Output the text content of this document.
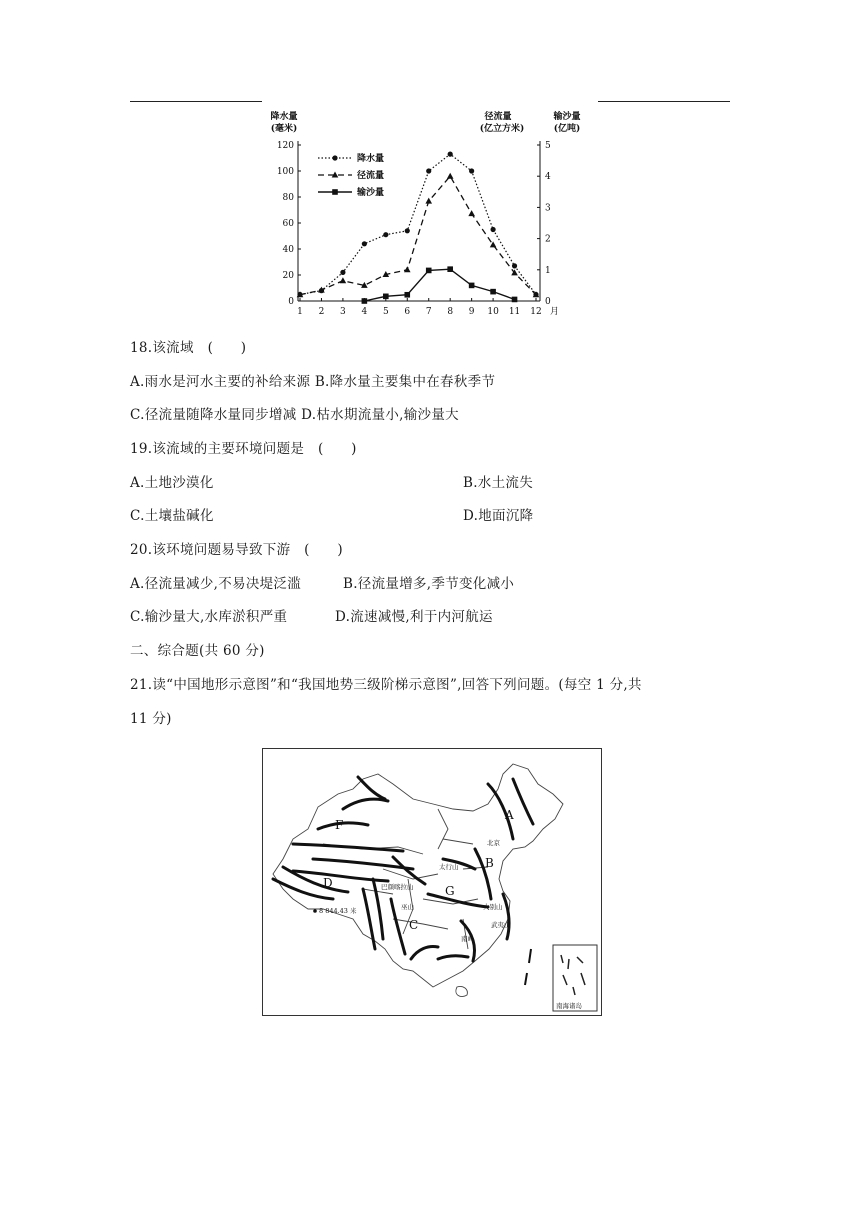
降水量
(毫米)
径流量
(亿立方米)
输沙量
(亿吨)
0
20
40
60
80
100
120
0
1
2
3
4
5
1 2 3 4 5 6 7 8 9 10 11 12 月
降水量
径流量
输沙量
18.该流域　(　　)
A.雨水是河水主要的补给来源 B.降水量主要集中在春秋季节
C.径流量随降水量同步增减 D.枯水期流量小,输沙量大
19.该流域的主要环境问题是　(　　)
A.土地沙漠化	B.水土流失
C.土壤盐碱化	D.地面沉降
20.该环境问题易导致下游　(　　)
A.径流量减少,不易决堤泛滥	B.径流量增多,季节变化减小
C.输沙量大,水库淤积严重	D.流速减慢,利于内河航运
二、综合题(共 60 分)
21.读“中国地形示意图”和“我国地势三级阶梯示意图”,回答下列问题。(每空 1 分,共
11 分)
A
B
C
D
F
G
北京
太行山
大别山
武夷山
南岭
巴颜喀拉山
巫山
8 844.43 米
南海诸岛
